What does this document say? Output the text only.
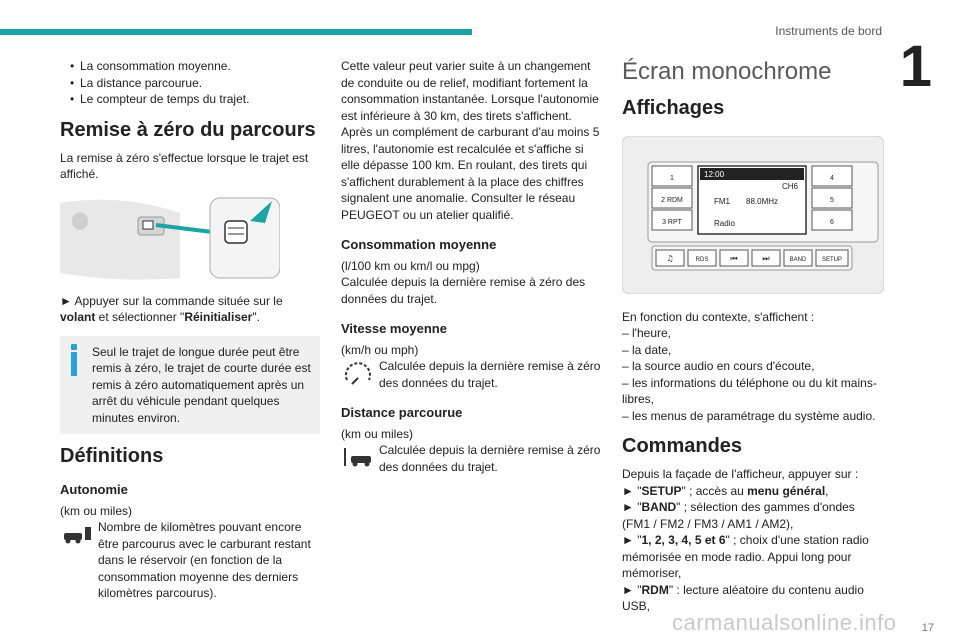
Instruments de bord
1
• La consommation moyenne.
• La distance parcourue.
• Le compteur de temps du trajet.
Remise à zéro du parcours

La remise à zéro s'effectue lorsque le trajet est affiché.

► Appuyer sur la commande située sur le volant et sélectionner "Réinitialiser".

Seul le trajet de longue durée peut être remis à zéro, le trajet de courte durée est remis à zéro automatiquement après un arrêt du véhicule pendant quelques minutes environ.

Définitions
Autonomie

(km ou miles)

Nombre de kilomètres pouvant encore être parcourus avec le carburant restant dans le réservoir (en fonction de la consommation moyenne des derniers kilomètres parcourus).

Cette valeur peut varier suite à un changement de conduite ou de relief, modifiant fortement la consommation instantanée. Lorsque l'autonomie est inférieure à 30 km, des tirets s'affichent. Après un complément de carburant d'au moins 5 litres, l'autonomie est recalculée et s'affiche si elle dépasse 100 km. En roulant, des tirets qui s'affichent durablement à la place des chiffres signalent une anomalie. Consulter le réseau PEUGEOT ou un atelier qualifié.

Consommation moyenne

(l/100 km ou km/l ou mpg)

Calculée depuis la dernière remise à zéro des données du trajet.

Vitesse moyenne

(km/h ou mph)

Calculée depuis la dernière remise à zéro des données du trajet.

Distance parcourue

(km ou miles)

Calculée depuis la dernière remise à zéro des données du trajet.

Écran monochrome
Affichages
1
2 RDM
3 RPT
12:00
CH6
FM1 88.0MHz
Radio
4
5
6
♫	RDS	⏮	⏭	BAND	SETUP

En fonction du contexte, s'affichent :

– l'heure,

– la date,

– la source audio en cours d'écoute,

– les informations du téléphone ou du kit mains-libres,

– les menus de paramétrage du système audio.

Commandes

Depuis la façade de l'afficheur, appuyer sur :

► "SETUP" ; accès au menu général,

► "BAND" ; sélection des gammes d'ondes (FM1 / FM2 / FM3 / AM1 / AM2),

► "1, 2, 3, 4, 5 et 6" ; choix d'une station radio mémorisée en mode radio. Appui long pour mémoriser,

► "RDM" : lecture aléatoire du contenu audio USB,

carmanualsonline.info 17
